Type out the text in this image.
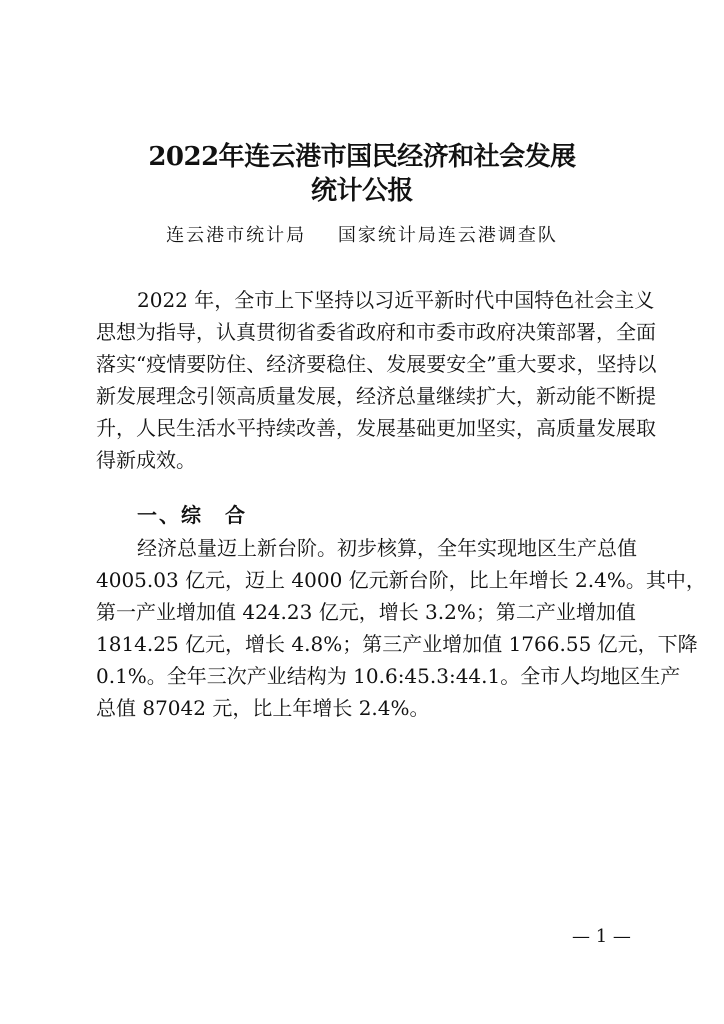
2022年连云港市国民经济和社会发展
统计公报
连云港市统计局 国家统计局连云港调查队
2022 年，全市上下坚持以习近平新时代中国特色社会主义
思想为指导，认真贯彻省委省政府和市委市政府决策部署，全面
落实“疫情要防住、经济要稳住、发展要安全”重大要求，坚持以
新发展理念引领高质量发展，经济总量继续扩大，新动能不断提
升，人民生活水平持续改善，发展基础更加坚实，高质量发展取
得新成效。
一、综　合
经济总量迈上新台阶。初步核算，全年实现地区生产总值
4005.03 亿元，迈上 4000 亿元新台阶，比上年增长 2.4%。其中，
第一产业增加值 424.23 亿元，增长 3.2%；第二产业增加值
1814.25 亿元，增长 4.8%；第三产业增加值 1766.55 亿元，下降
0.1%。全年三次产业结构为 10.6:45.3:44.1。全市人均地区生产
总值 87042 元，比上年增长 2.4%。
— 1 —
